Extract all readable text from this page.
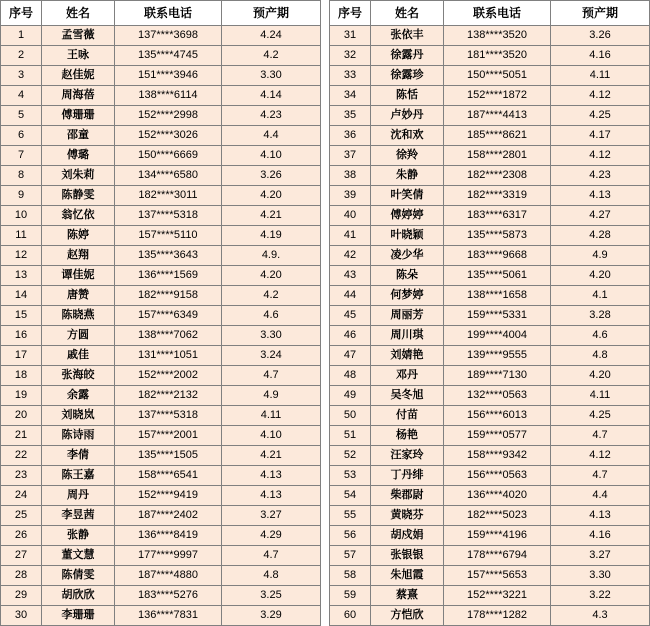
序号	姓名	联系电话	预产期
1	孟雪薇	137****3698	4.24
2	王咏	135****4745	4.2
3	赵佳妮	151****3946	3.30
4	周海蓓	138****6114	4.14
5	傅珊珊	152****2998	4.23
6	邵童	152****3026	4.4
7	傅璐	150****6669	4.10
8	刘朱莉	134****6580	3.26
9	陈静雯	182****3011	4.20
10	翁忆依	137****5318	4.21
11	陈婷	157****5110	4.19
12	赵翔	135****3643	4.9.
13	谭佳妮	136****1569	4.20
14	唐赞	182****9158	4.2
15	陈晓燕	157****6349	4.6
16	方圆	138****7062	3.30
17	戚佳	131****1051	3.24
18	张海皎	152****2002	4.7
19	余露	182****2132	4.9
20	刘晓岚	137****5318	4.11
21	陈诗雨	157****2001	4.10
22	李倩	135****1505	4.21
23	陈王嘉	158****6541	4.13
24	周丹	152****9419	4.13
25	李昱茜	187****2402	3.27
26	张静	136****8419	4.29
27	董文慧	177****9997	4.7
28	陈倩雯	187****4880	4.8
29	胡欣欣	183****5276	3.25
30	李珊珊	136****7831	3.29
序号	姓名	联系电话	预产期
31	张依丰	138****3520	3.26
32	徐露丹	181****3520	4.16
33	徐露珍	150****5051	4.11
34	陈恬	152****1872	4.12
35	卢妙丹	187****4413	4.25
36	沈和欢	185****8621	4.17
37	徐羚	158****2801	4.12
38	朱静	182****2308	4.23
39	叶笑倩	182****3319	4.13
40	傅婷婷	183****6317	4.27
41	叶晓颖	135****5873	4.28
42	凌少华	183****9668	4.9
43	陈朵	135****5061	4.20
44	何梦婷	138****1658	4.1
45	周丽芳	159****5331	3.28
46	周川琪	199****4004	4.6
47	刘婧艳	139****9555	4.8
48	邓丹	189****7130	4.20
49	吴冬旭	132****0563	4.11
50	付苗	156****6013	4.25
51	杨艳	159****0577	4.7
52	汪家玲	158****9342	4.12
53	丁丹绯	156****0563	4.7
54	柴郡尉	136****4020	4.4
55	黄晓芬	182****5023	4.13
56	胡戍娟	159****4196	4.16
57	张银银	178****6794	3.27
58	朱旭霞	157****5653	3.30
59	蔡熹	152****3221	3.22
60	方恺欣	178****1282	4.3
